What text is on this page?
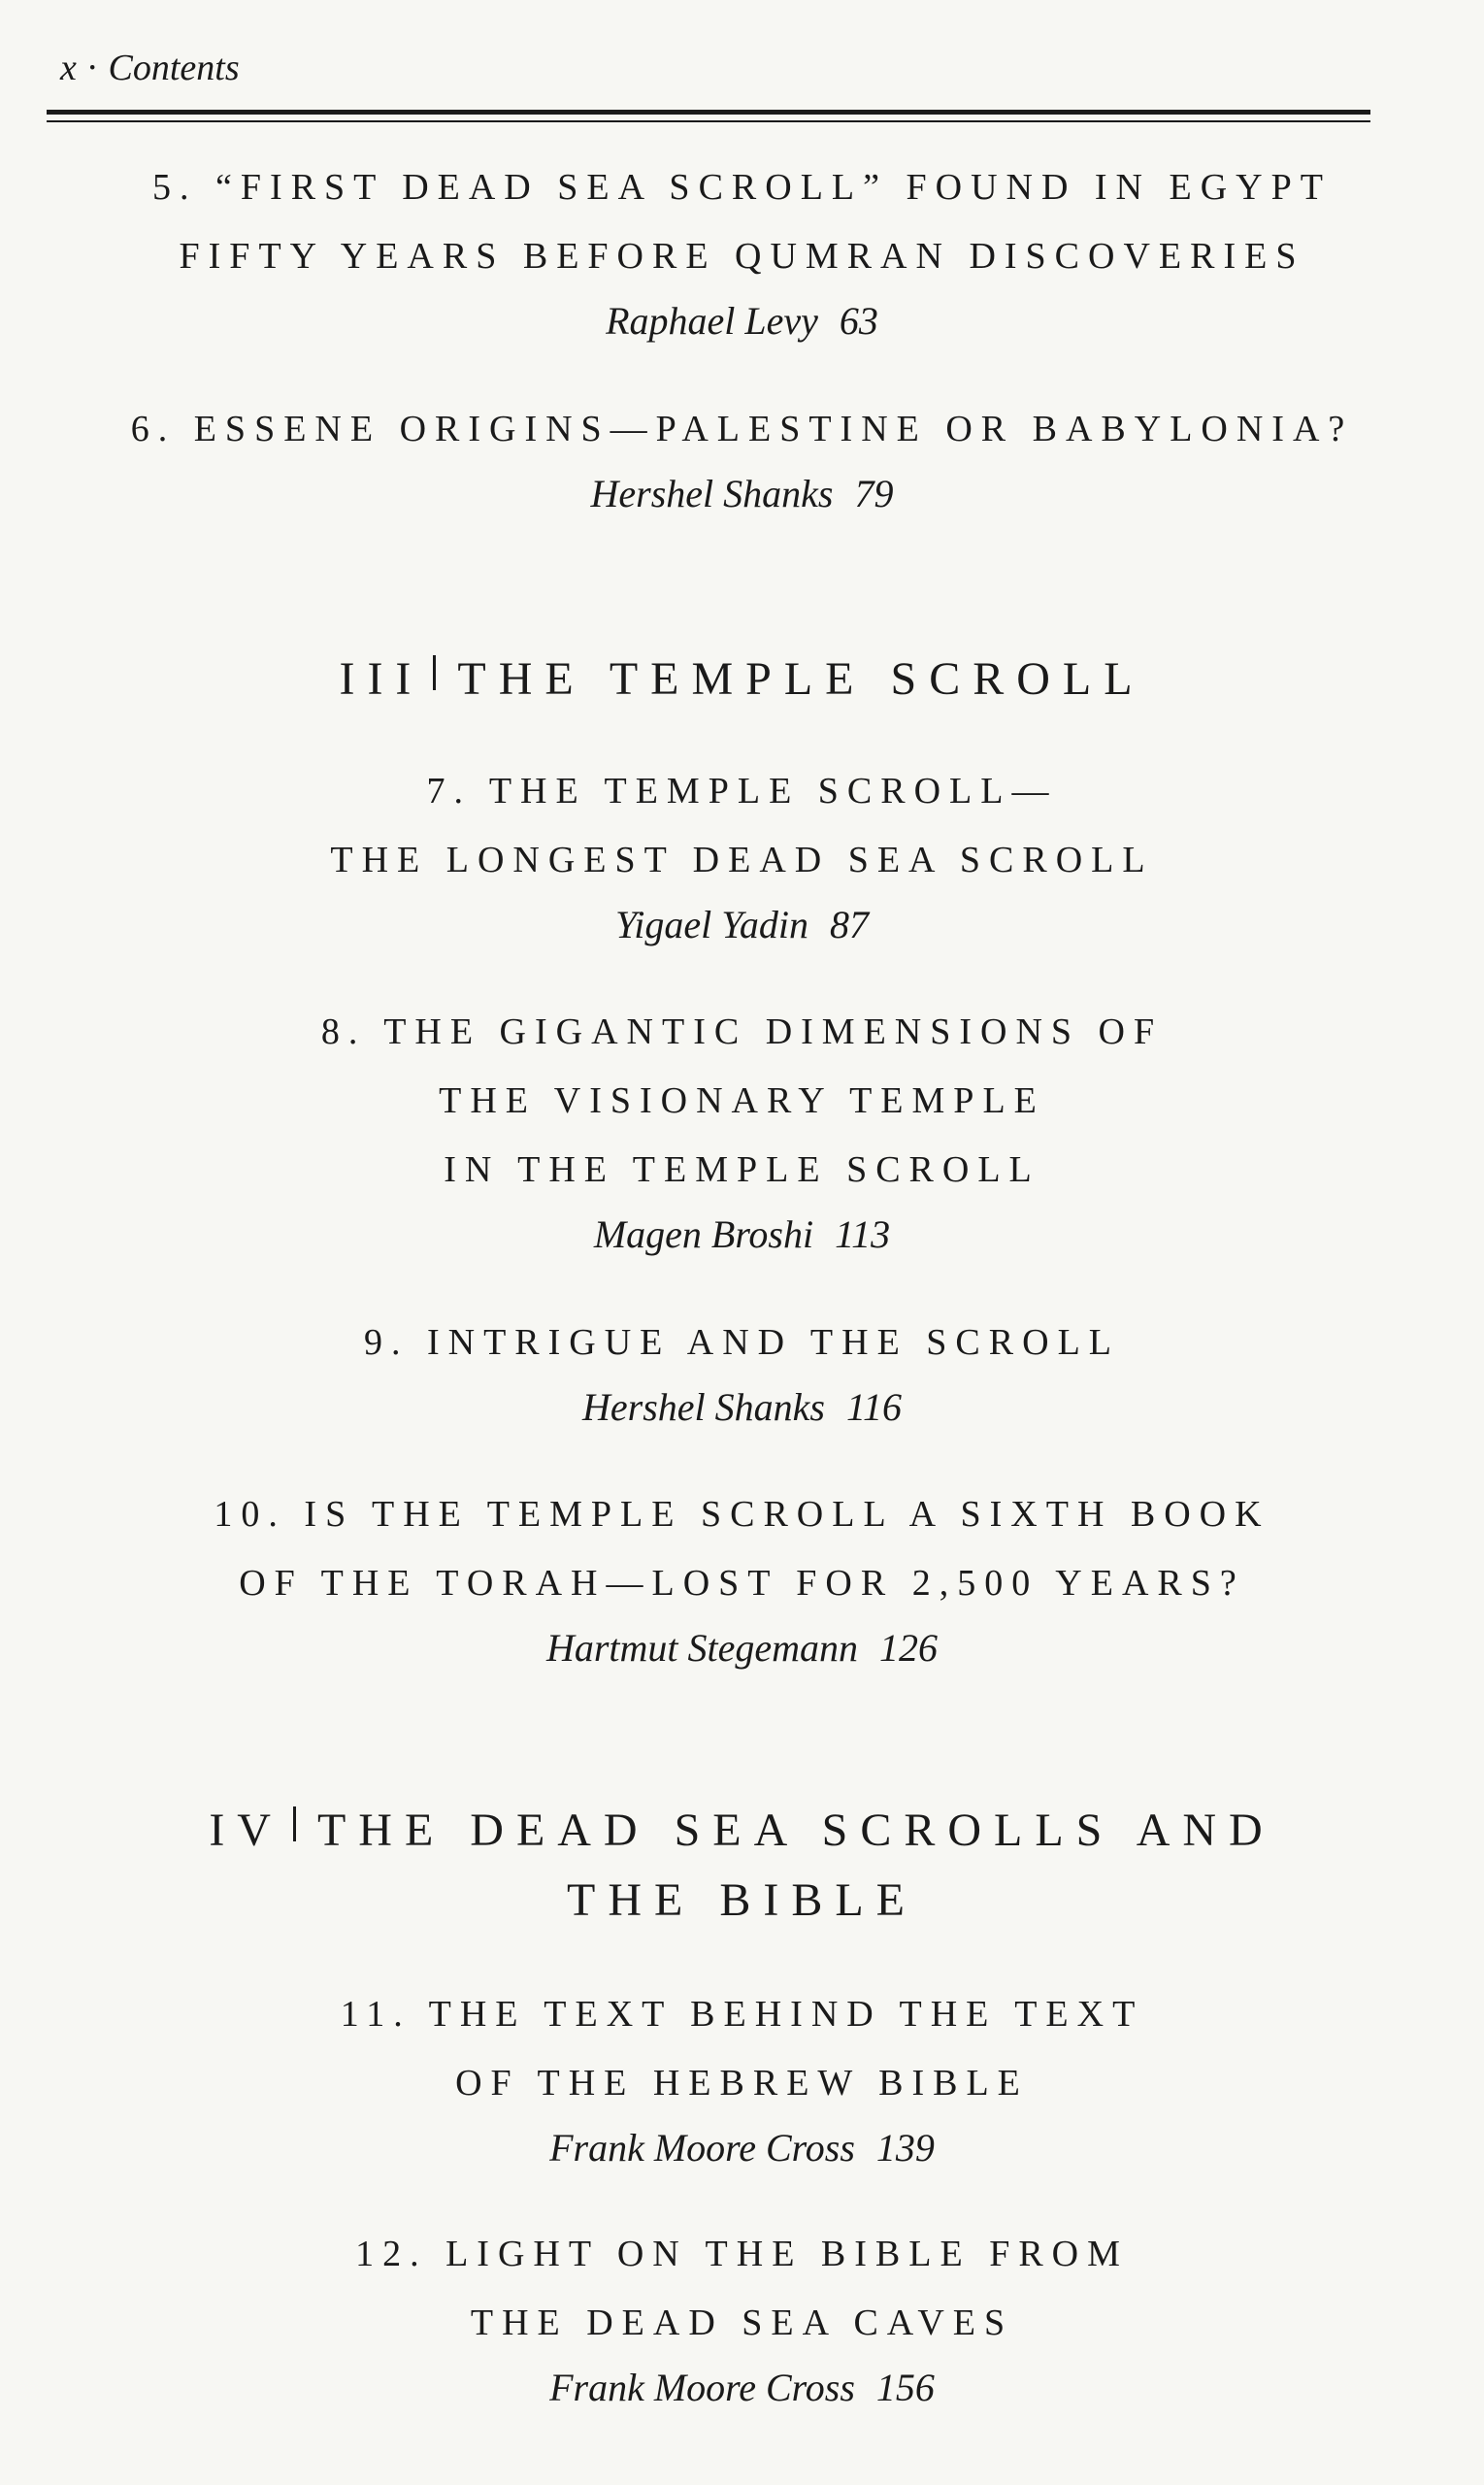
x · Contents
5. “FIRST DEAD SEA SCROLL” FOUND IN EGYPT
FIFTY YEARS BEFORE QUMRAN DISCOVERIES
Raphael Levy 63
6. ESSENE ORIGINS—PALESTINE OR BABYLONIA?
Hershel Shanks 79
III THE TEMPLE SCROLL
7. THE TEMPLE SCROLL—
THE LONGEST DEAD SEA SCROLL
Yigael Yadin 87
8. THE GIGANTIC DIMENSIONS OF
THE VISIONARY TEMPLE
IN THE TEMPLE SCROLL
Magen Broshi 113
9. INTRIGUE AND THE SCROLL
Hershel Shanks 116
10. IS THE TEMPLE SCROLL A SIXTH BOOK
OF THE TORAH—LOST FOR 2,500 YEARS?
Hartmut Stegemann 126
IV THE DEAD SEA SCROLLS AND
THE BIBLE
11. THE TEXT BEHIND THE TEXT
OF THE HEBREW BIBLE
Frank Moore Cross 139
12. LIGHT ON THE BIBLE FROM
THE DEAD SEA CAVES
Frank Moore Cross 156
